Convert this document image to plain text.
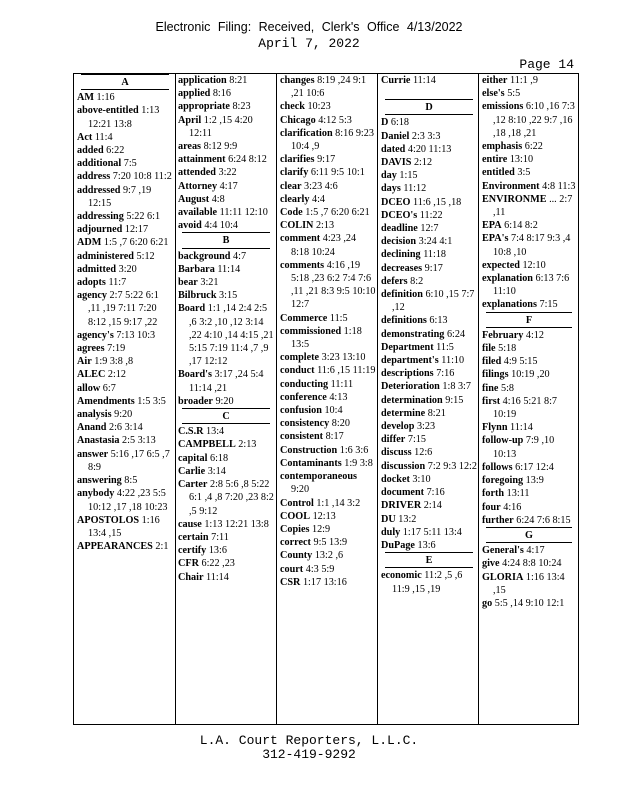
Electronic Filing: Received, Clerk's Office 4/13/2022
April 7, 2022
Page 14
A
AM 1:16
above-entitled 1:13 12:21 13:8
Act 11:4
added 6:22
additional 7:5
address 7:20 10:8 11:2
addressed 9:7 ,19 12:15
addressing 5:22 6:1
adjourned 12:17
ADM 1:5 ,7 6:20 6:21
administered 5:12
admitted 3:20
adopts 11:7
agency 2:7 5:22 6:1 ,11 ,19 7:11 7:20 8:12 ,15 9:17 ,22
agency's 7:13 10:3
agrees 7:19
Air 1:9 3:8 ,8
ALEC 2:12
allow 6:7
Amendments 1:5 3:5
analysis 9:20
Anand 2:6 3:14
Anastasia 2:5 3:13
answer 5:16 ,17 6:5 ,7 8:9
answering 8:5
anybody 4:22 ,23 5:5 10:12 ,17 ,18 10:23
APOSTOLOS 1:16 13:4 ,15
APPEARANCES 2:1
application 8:21
applied 8:16
appropriate 8:23
April 1:2 ,15 4:20 12:11
areas 8:12 9:9
attainment 6:24 8:12
attended 3:22
Attorney 4:17
August 4:8
available 11:11 12:10
avoid 4:4 10:4
B
background 4:7
Barbara 11:14
bear 3:21
Bilbruck 3:15
Board 1:1 ,14 2:4 2:5 ,6 3:2 ,10 ,12 3:14 ,22 4:10 ,14 4:15 ,21 5:15 7:19 11:4 ,7 ,9 ,17 12:12
Board's 3:17 ,24 5:4 11:14 ,21
broader 9:20
C
C.S.R 13:4
CAMPBELL 2:13
capital 6:18
Carlie 3:14
Carter 2:8 5:6 ,8 5:22 6:1 ,4 ,8 7:20 ,23 8:2 ,5 9:12
cause 1:13 12:21 13:8
certain 7:11
certify 13:6
CFR 6:22 ,23
Chair 11:14
changes 8:19 ,24 9:1 ,21 10:6
check 10:23
Chicago 4:12 5:3
clarification 8:16 9:23 10:4 ,9
clarifies 9:17
clarify 6:11 9:5 10:1
clear 3:23 4:6
clearly 4:4
Code 1:5 ,7 6:20 6:21
COLIN 2:13
comment 4:23 ,24 8:18 10:24
comments 4:16 ,19 5:18 ,23 6:2 7:4 7:6 ,11 ,21 8:3 9:5 10:10 12:7
Commerce 11:5
commissioned 1:18 13:5
complete 3:23 13:10
conduct 11:6 ,15 11:19
conducting 11:11
conference 4:13
confusion 10:4
consistency 8:20
consistent 8:17
Construction 1:6 3:6
Contaminants 1:9 3:8
contemporaneous 9:20
Control 1:1 ,14 3:2
COOL 12:13
Copies 12:9
correct 9:5 13:9
County 13:2 ,6
court 4:3 5:9
CSR 1:17 13:16
Currie 11:14
D
D 6:18
Daniel 2:3 3:3
dated 4:20 11:13
DAVIS 2:12
day 1:15
days 11:12
DCEO 11:6 ,15 ,18
DCEO's 11:22
deadline 12:7
decision 3:24 4:1
declining 11:18
decreases 9:17
defers 8:2
definition 6:10 ,15 7:7 ,12
definitions 6:13
demonstrating 6:24
Department 11:5
department's 11:10
descriptions 7:16
Deterioration 1:8 3:7
determination 9:15
determine 8:21
develop 3:23
differ 7:15
discuss 12:6
discussion 7:2 9:3 12:2
docket 3:10
document 7:16
DRIVER 2:14
DU 13:2
duly 1:17 5:11 13:4
DuPage 13:6
E
economic 11:2 ,5 ,6 11:9 ,15 ,19
either 11:1 ,9
else's 5:5
emissions 6:10 ,16 7:3 ,12 8:10 ,22 9:7 ,16 ,18 ,18 ,21
emphasis 6:22
entire 13:10
entitled 3:5
Environment 4:8 11:3
ENVIRONME ... 2:7 ,11
EPA 6:14 8:2
EPA's 7:4 8:17 9:3 ,4 10:8 ,10
expected 12:10
explanation 6:13 7:6 11:10
explanations 7:15
F
February 4:12
file 5:18
filed 4:9 5:15
filings 10:19 ,20
fine 5:8
first 4:16 5:21 8:7 10:19
Flynn 11:14
follow-up 7:9 ,10 10:13
follows 6:17 12:4
foregoing 13:9
forth 13:11
four 4:16
further 6:24 7:6 8:15
G
General's 4:17
give 4:24 8:8 10:24
GLORIA 1:16 13:4 ,15
go 5:5 ,14 9:10 12:1
L.A. Court Reporters, L.L.C.
312-419-9292
